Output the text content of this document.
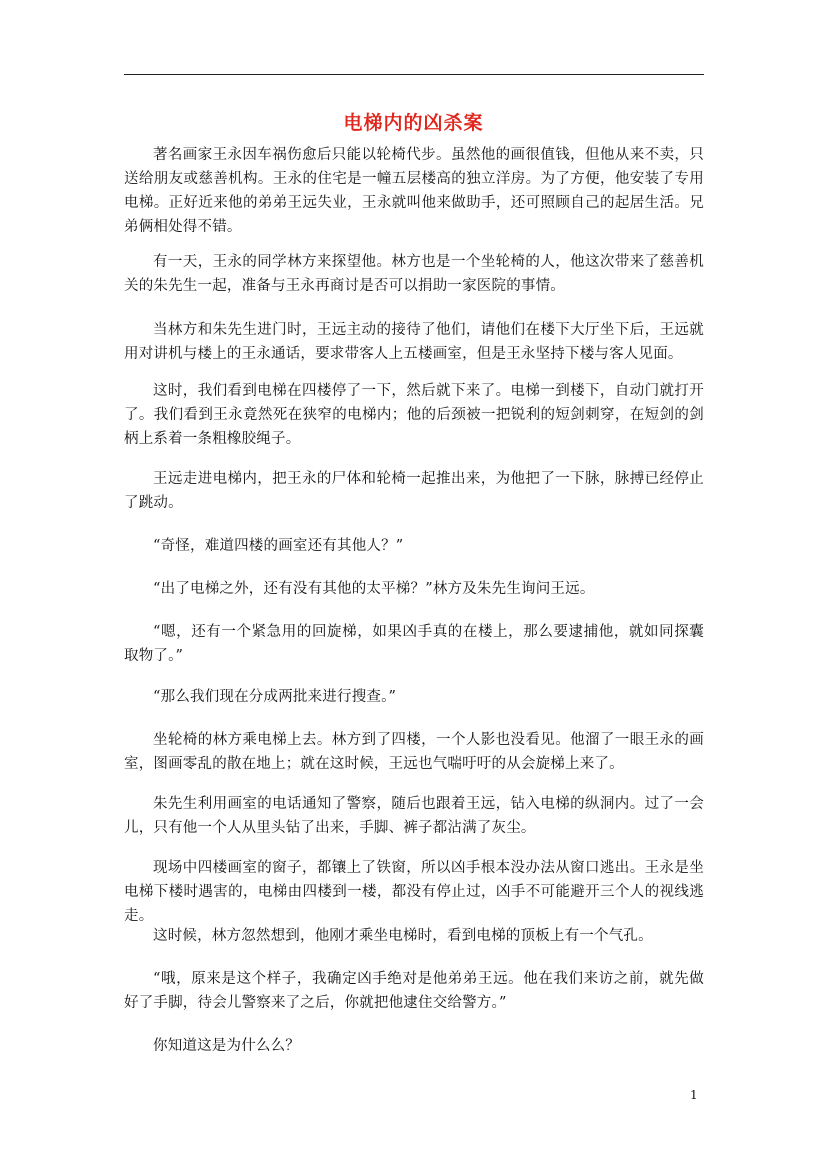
电梯内的凶杀案
著名画家王永因车祸伤愈后只能以轮椅代步。虽然他的画很值钱，但他从来不卖，只送给朋友或慈善机构。王永的住宅是一幢五层楼高的独立洋房。为了方便，他安装了专用电梯。正好近来他的弟弟王远失业，王永就叫他来做助手，还可照顾自己的起居生活。兄弟俩相处得不错。
有一天，王永的同学林方来探望他。林方也是一个坐轮椅的人，他这次带来了慈善机关的朱先生一起，准备与王永再商讨是否可以捐助一家医院的事情。
当林方和朱先生进门时，王远主动的接待了他们，请他们在楼下大厅坐下后，王远就用对讲机与楼上的王永通话，要求带客人上五楼画室，但是王永坚持下楼与客人见面。
这时，我们看到电梯在四楼停了一下，然后就下来了。电梯一到楼下，自动门就打开了。我们看到王永竟然死在狭窄的电梯内；他的后颈被一把锐利的短剑刺穿，在短剑的剑柄上系着一条粗橡胶绳子。
王远走进电梯内，把王永的尸体和轮椅一起推出来，为他把了一下脉，脉搏已经停止了跳动。
“奇怪，难道四楼的画室还有其他人？”
“出了电梯之外，还有没有其他的太平梯？”林方及朱先生询问王远。
“嗯，还有一个紧急用的回旋梯，如果凶手真的在楼上，那么要逮捕他，就如同探囊取物了。”
“那么我们现在分成两批来进行搜查。”
坐轮椅的林方乘电梯上去。林方到了四楼，一个人影也没看见。他溜了一眼王永的画室，图画零乱的散在地上；就在这时候，王远也气喘吁吁的从会旋梯上来了。
朱先生利用画室的电话通知了警察，随后也跟着王远，钻入电梯的纵洞内。过了一会儿，只有他一个人从里头钻了出来，手脚、裤子都沾满了灰尘。
现场中四楼画室的窗子，都镶上了铁窗，所以凶手根本没办法从窗口逃出。王永是坐电梯下楼时遇害的，电梯由四楼到一楼，都没有停止过，凶手不可能避开三个人的视线逃走。
这时候，林方忽然想到，他刚才乘坐电梯时，看到电梯的顶板上有一个气孔。
“哦，原来是这个样子，我确定凶手绝对是他弟弟王远。他在我们来访之前，就先做好了手脚，待会儿警察来了之后，你就把他逮住交给警方。”
你知道这是为什么么？
1
